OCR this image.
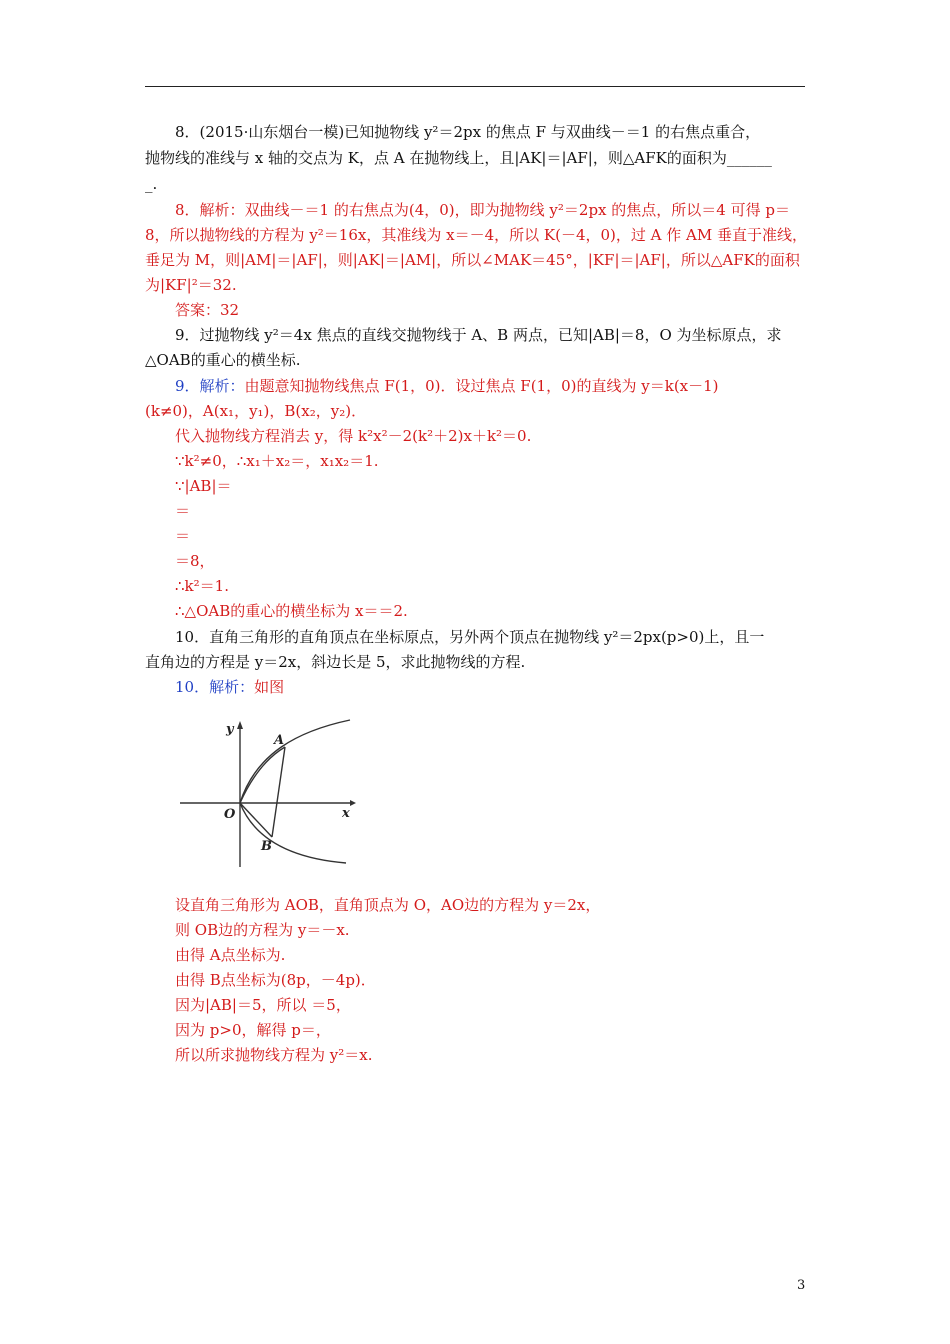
8．(2015·山东烟台一模)已知抛物线 y²＝2px 的焦点 F 与双曲线－＝1 的右焦点重合，
抛物线的准线与 x 轴的交点为 K，点 A 在抛物线上，且|AK|＝|AF|，则△AFK的面积为______
_.
8．解析：双曲线－＝1 的右焦点为(4，0)，即为抛物线 y²＝2px 的焦点，所以＝4 可得 p＝
8，所以抛物线的方程为 y²＝16x，其准线为 x＝－4，所以 K(－4，0)，过 A 作 AM 垂直于准线，
垂足为 M，则|AM|＝|AF|，则|AK|＝|AM|，所以∠MAK＝45°，|KF|＝|AF|，所以△AFK的面积
为|KF|²＝32.
答案：32
9．过抛物线 y²＝4x 焦点的直线交抛物线于 A、B 两点，已知|AB|＝8，O 为坐标原点，求
△OAB的重心的横坐标.
9．解析：由题意知抛物线焦点 F(1，0)．设过焦点 F(1，0)的直线为 y＝k(x－1)
(k≠0)，A(x₁，y₁)，B(x₂，y₂)．
代入抛物线方程消去 y，得 k²x²－2(k²＋2)x＋k²＝0.
∵k²≠0，∴x₁＋x₂＝，x₁x₂＝1.
∵|AB|＝
＝
＝
＝8，
∴k²＝1.
∴△OAB的重心的横坐标为 x＝＝2.
10．直角三角形的直角顶点在坐标原点，另外两个顶点在抛物线 y²＝2px(p>0)上，且一
直角边的方程是 y＝2x，斜边长是 5，求此抛物线的方程.
10．解析：如图
y
x
O
A
B
设直角三角形为 AOB，直角顶点为 O，AO边的方程为 y＝2x，
则 OB边的方程为 y＝－x.
由得 A点坐标为.
由得 B点坐标为(8p，－4p)．
因为|AB|＝5，所以 ＝5，
因为 p>0，解得 p＝，
所以所求抛物线方程为 y²＝x.
3
